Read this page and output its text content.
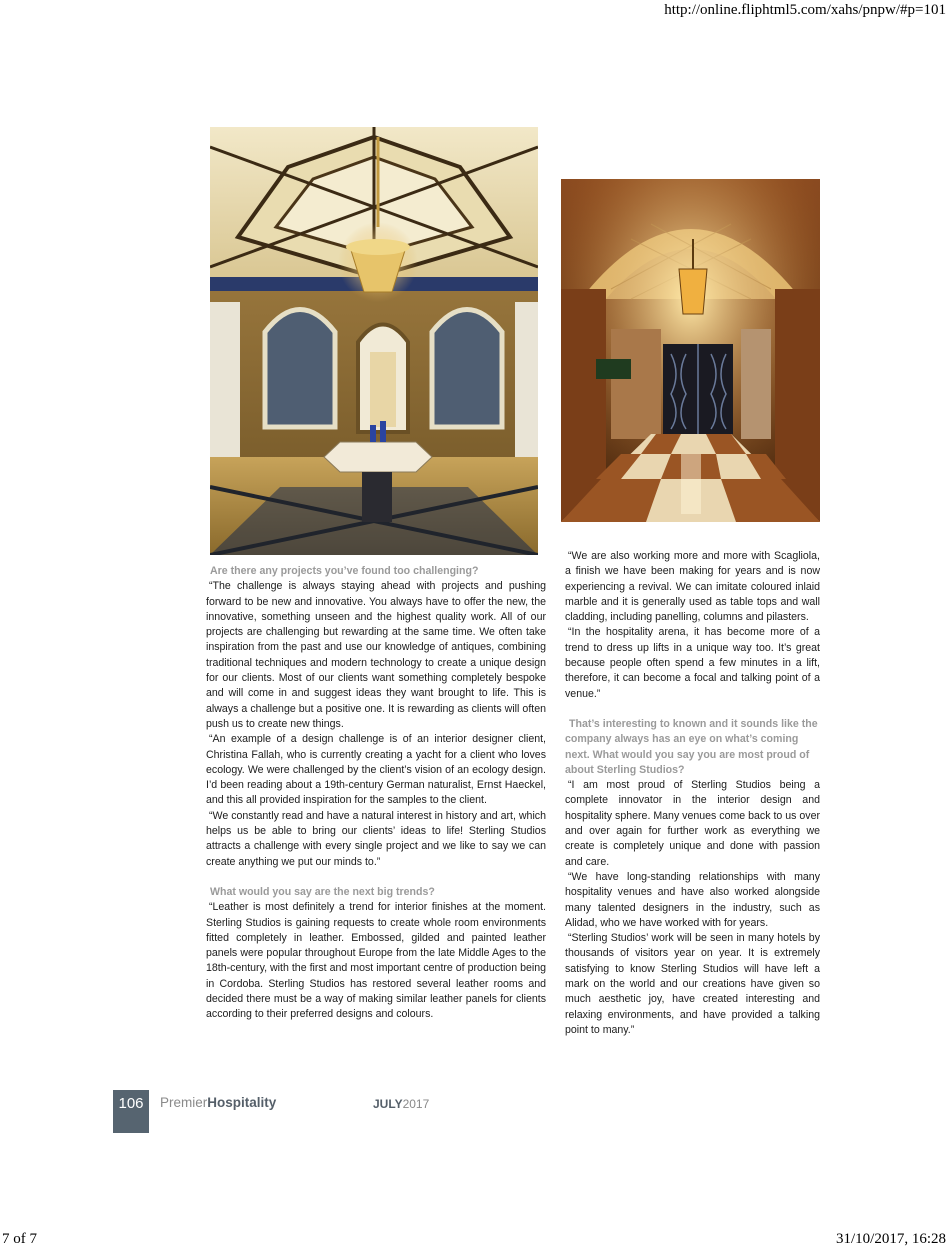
http://online.fliphtml5.com/xahs/pnpw/#p=101

Are there any projects you’ve found too challenging?

“The challenge is always staying ahead with projects and pushing forward to be new and innovative. You always have to offer the new, the innovative, something unseen and the highest quality work. All of our projects are challenging but rewarding at the same time. We often take inspiration from the past and use our knowledge of antiques, combining traditional techniques and modern technology to create a unique design for our clients. Most of our clients want something completely bespoke and will come in and suggest ideas they want brought to life. This is always a challenge but a positive one. It is rewarding as clients will often push us to create new things.

“An example of a design challenge is of an interior designer client, Christina Fallah, who is currently creating a yacht for a client who loves ecology. We were challenged by the client’s vision of an ecology design. I’d been reading about a 19th-century German naturalist, Ernst Haeckel, and this all provided inspiration for the samples to the client.

“We constantly read and have a natural interest in history and art, which helps us be able to bring our clients’ ideas to life! Sterling Studios attracts a challenge with every single project and we like to say we can create anything we put our minds to.”

What would you say are the next big trends?

“Leather is most definitely a trend for interior finishes at the moment. Sterling Studios is gaining requests to create whole room environments fitted completely in leather. Embossed, gilded and painted leather panels were popular throughout Europe from the late Middle Ages to the 18th-century, with the first and most important centre of production being in Cordoba. Sterling Studios has restored several leather rooms and decided there must be a way of making similar leather panels for clients according to their preferred designs and colours.

“We are also working more and more with Scagliola, a finish we have been making for years and is now experiencing a revival. We can imitate coloured inlaid marble and it is generally used as table tops and wall cladding, including panelling, columns and pilasters.

“In the hospitality arena, it has become more of a trend to dress up lifts in a unique way too. It’s great because people often spend a few minutes in a lift, therefore, it can become a focal and talking point of a venue.”

That’s interesting to known and it sounds like the company always has an eye on what’s coming next. What would you say you are most proud of about Sterling Studios?

“I am most proud of Sterling Studios being a complete innovator in the interior design and hospitality sphere. Many venues come back to us over and over again for further work as everything we create is completely unique and done with passion and care.

“We have long-standing relationships with many hospitality venues and have also worked alongside many talented designers in the industry, such as Alidad, who we have worked with for years.

“Sterling Studios’ work will be seen in many hotels by thousands of visitors year on year. It is extremely satisfying to know Sterling Studios will have left a mark on the world and our creations have given so much aesthetic joy, have created interesting and relaxing environments, and have provided a talking point to many.”

106	PremierHospitality	JULY2017
7 of 7	31/10/2017, 16:28
